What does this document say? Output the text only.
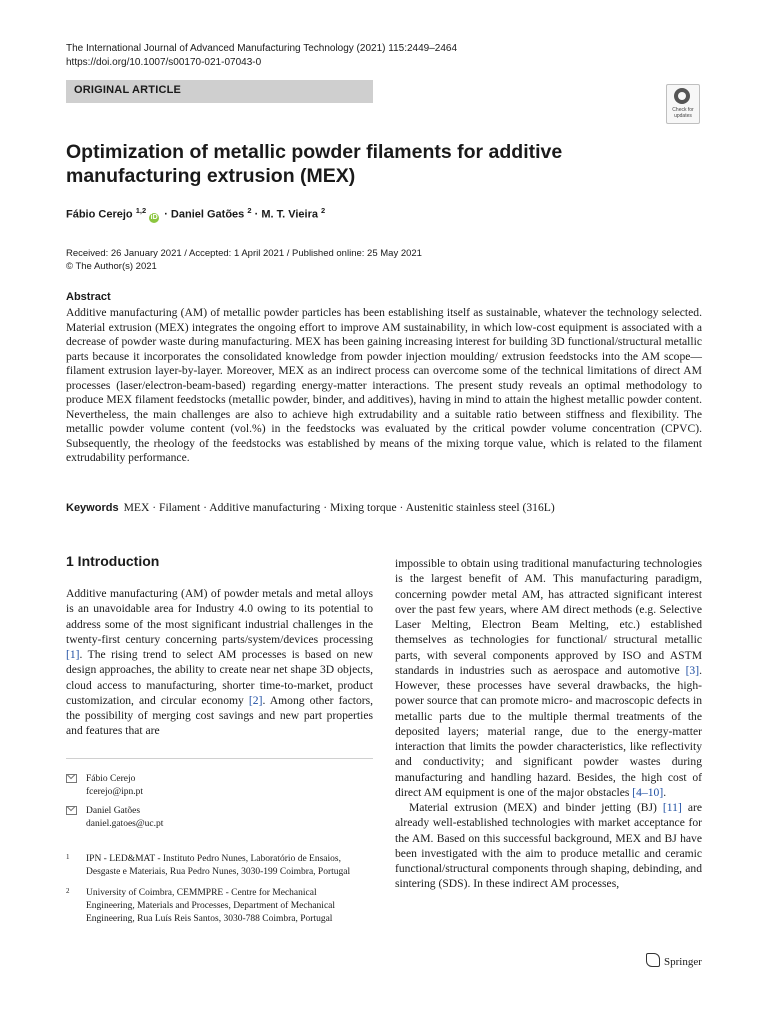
The International Journal of Advanced Manufacturing Technology (2021) 115:2449–2464
https://doi.org/10.1007/s00170-021-07043-0
ORIGINAL ARTICLE
Check for
updates
Optimization of metallic powder filaments for additive manufacturing extrusion (MEX)
Fábio Cerejo $^{1,2}$iD · Daniel Gatões $^2$ · M. T. Vieira $^2$
Received: 26 January 2021 / Accepted: 1 April 2021 / Published online: 25 May 2021
© The Author(s) 2021
Abstract
Additive manufacturing (AM) of metallic powder particles has been establishing itself as sustainable, whatever the technology selected. Material extrusion (MEX) integrates the ongoing effort to improve AM sustainability, in which low-cost equipment is associated with a decrease of powder waste during manufacturing. MEX has been gaining increasing interest for building 3D functional/structural metallic parts because it incorporates the consolidated knowledge from powder injection moulding/ extrusion feedstocks into the AM scope—filament extrusion layer-by-layer. Moreover, MEX as an indirect process can overcome some of the technical limitations of direct AM processes (laser/electron-beam-based) regarding energy-matter interactions. The present study reveals an optimal methodology to produce MEX filament feedstocks (metallic powder, binder, and additives), having in mind to attain the highest metallic powder content. Nevertheless, the main challenges are also to achieve high extrudability and a suitable ratio between stiffness and flexibility. The metallic powder volume content (vol.%) in the feedstocks was evaluated by the critical powder volume concentration (CPVC). Subsequently, the rheology of the feedstocks was established by means of the mixing torque value, which is related to the filament extrudability performance.
Keywords MEX · Filament · Additive manufacturing · Mixing torque · Austenitic stainless steel (316L)
1 Introduction

Additive manufacturing (AM) of powder metals and metal alloys is an unavoidable area for Industry 4.0 owing to its potential to address some of the most significant industrial challenges in the twenty-first century concerning parts/system/devices processing [1]. The rising trend to select AM processes is based on new design approaches, the ability to create near net shape 3D objects, cloud access to manufacturing, shorter time-to-market, product customization, and circular economy [2]. Among other factors, the possibility of merging cost savings and new part properties and features that are

impossible to obtain using traditional manufacturing technologies is the largest benefit of AM. This manufacturing paradigm, concerning powder metal AM, has attracted significant interest over the past few years, where AM direct methods (e.g. Selective Laser Melting, Electron Beam Melting, etc.) established themselves as technologies for functional/ structural metallic parts, with several components approved by ISO and ASTM standards in industries such as aerospace and automotive [3]. However, these processes have several drawbacks, the high-power source that can promote micro- and macroscopic defects in metallic parts due to the multiple thermal treatments of the deposited layers; material range, due to the energy-matter interaction that limits the powder characteristics, like reflectivity and conductivity; and significant powder wastes during manufacturing and handling hazard. Besides, the high cost of direct AM equipment is one of the major obstacles [4–10].

Material extrusion (MEX) and binder jetting (BJ) [11] are already well-established technologies with market acceptance for the AM. Based on this successful background, MEX and BJ have been investigated with the aim to produce metallic and ceramic functional/structural components through shaping, debinding, and sintering (SDS). In these indirect AM processes,

Fábio Cerejo
fcerejo@ipn.pt
Daniel Gatões
daniel.gatoes@uc.pt
1 IPN - LED&MAT - Instituto Pedro Nunes, Laboratório de Ensaios, Desgaste e Materiais, Rua Pedro Nunes, 3030-199 Coimbra, Portugal
2 University of Coimbra, CEMMPRE - Centre for Mechanical Engineering, Materials and Processes, Department of Mechanical Engineering, Rua Luís Reis Santos, 3030-788 Coimbra, Portugal
Springer
